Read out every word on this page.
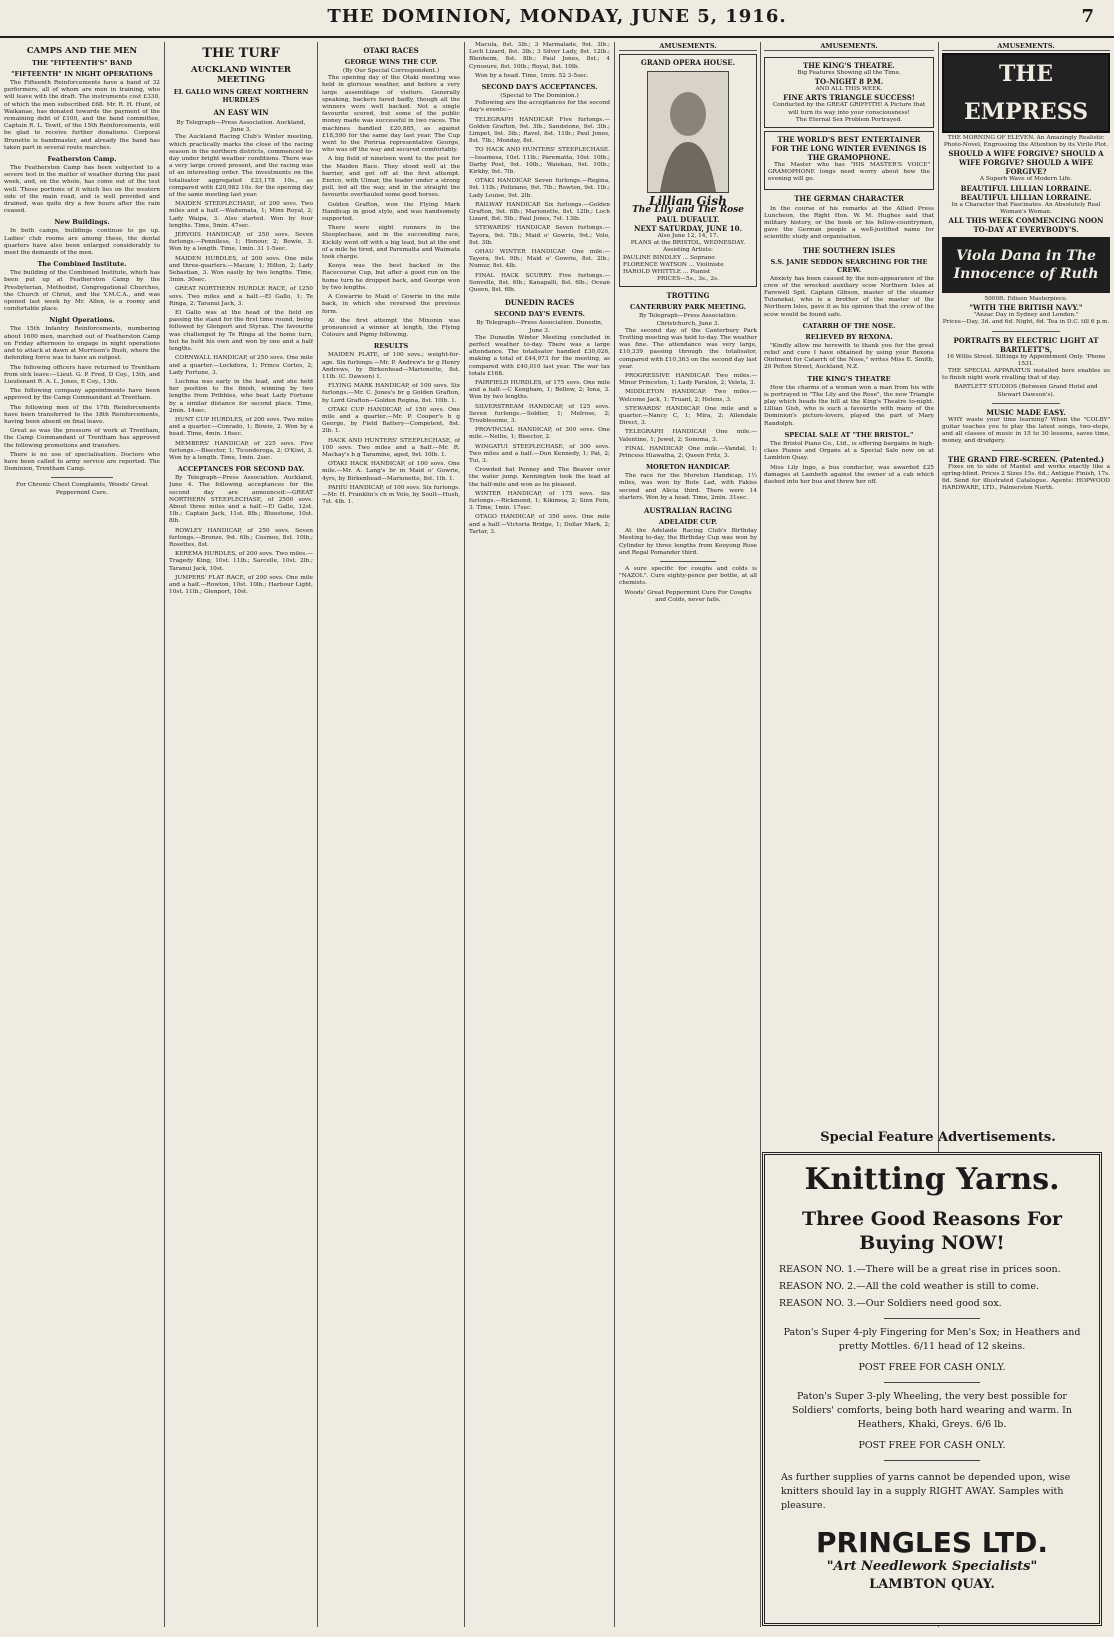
THE DOMINION, MONDAY, JUNE 5, 1916.	7
CAMPS AND THE MEN
THE "FIFTEENTH'S" BAND
"FIFTEENTH" IN NIGHT OPERATIONS

The Fifteenth Reinforcements have a band of 32 performers, all of whom are men in training, who will leave with the draft. The instruments cost £330, of which the men subscribed £68. Mr. R. H. Hunt, of Waikanae, has donated towards the payment of the remaining debt of £100, and the band committee, Captain R. L. Tewit, of the 15th Reinforcements, will be glad to receive further donations. Corporal Brunette is bandmaster, and already the band has taken part in several route marches.

Featherston Camp.

The Featherston Camp has been subjected to a severe test in the matter of weather during the past week, and, on the whole, has come out of the test well. Those portions of it which lies on the western side of the main road, and is well provided and drained, was quite dry a few hours after the rain ceased.

New Buildings.

In both camps, buildings continue to go up. Ladies' club rooms are among these, the dental quarters have also been enlarged considerably to meet the demands of the men.

The Combined Institute.

The building of the Combined Institute, which has been put up at Featherston Camp by the Presbyterian, Methodist, Congregational Churches, the Church of Christ, and the Y.M.C.A., and was opened last week by Mr. Allen, is a roomy and comfortable place.

Night Operations.

The 15th Infantry Reinforcements, numbering about 1600 men, marched out of Featherston Camp on Friday afternoon to engage in night operations and to attack at dawn at Morrison's Bush, where the defending force was to have an outpost.

The following officers have returned to Trentham from sick leave:—Lieut. G. P. Fred, D Coy., 13th, and Lieutenant R. A. L. Jones, E Coy., 13th.

The following company appointments have been approved by the Camp Commandant at Trentham.

The following men of the 17th Reinforcements have been transferred to the 18th Reinforcements, having been absent on final leave.

Great as was the pressure of work at Trentham, the Camp Commandant of Trentham has approved the following promotions and transfers.

There is no use of specialisation. Doctors who have been called to army service are reported. The Dominion, Trentham Camp.

For Chronic Chest Complaints, Woods' Great Peppermint Cure.
THE TURF
AUCKLAND WINTER MEETING
EL GALLO WINS GREAT NORTHERN HURDLES
AN EASY WIN
By Telegraph—Press Association. Auckland, June 3.

The Auckland Racing Club's Winter meeting, which practically marks the close of the racing season in the northern districts, commenced to-day under bright weather conditions. There was a very large crowd present, and the racing was of an interesting order. The investments on the totalisator aggregated £23,178 10s., as compared with £20,982 10s. for the opening day of the same meeting last year.

MAIDEN STEEPLECHASE, of 200 sovs. Two miles and a half.—Waitemata, 1; Minx Royal, 2; Lady Waipa, 3. Also started. Won by four lengths. Time, 5min. 47sec.

JERVOIS HANDICAP, of 250 sovs. Seven furlongs.—Penniless, 1; Honour, 2; Bowie, 3. Won by a length. Time, 1min. 31 1-5sec.

MAIDEN HURDLES, of 200 sovs. One mile and three-quarters.—Macaw, 1; Hilton, 2; Lady Sebastian, 3. Won easily by two lengths. Time, 3min. 30sec.

GREAT NORTHERN HURDLE RACE, of 1250 sovs. Two miles and a half.—El Gallo, 1; Te Ringa, 2; Taranui Jack, 3.

El Gallo was at the head of the field on passing the stand for the first time round, being followed by Glenport and Styrax. The favourite was challenged by Te Ringa at the home turn, but he held his own and won by one and a half lengths.

CORNWALL HANDICAP, of 250 sovs. One mile and a quarter.—Lockdora, 1; Prince Cortes, 2; Lady Fortune, 3.

Lochma was early in the lead, and she held her position to the finish, winning by two lengths from Pribbles, who beat Lady Fortune by a similar distance for second place. Time, 2min. 14sec.

HUNT CUP HURDLES, of 200 sovs. Two miles and a quarter.—Conrado, 1; Bowie, 2. Won by a head. Time, 4min. 16sec.

MEMBERS' HANDICAP, of 225 sovs. Five furlongs.—Bisector, 1; Ticonderoga, 2; O'Kiwi, 3. Won by a length. Time, 1min. 2sec.

ACCEPTANCES FOR SECOND DAY.

By Telegraph—Press Association. Auckland, June 4. The following acceptances for the second day are announced:—GREAT NORTHERN STEEPLECHASE, of 2500 sovs. About three miles and a half.—El Gallo, 12st. 1lb.; Captain Jack, 11st. 8lb.; Bluestone, 10st. 8lb.

ROWLEY HANDICAP, of 250 sovs. Seven furlongs.—Bronze, 9st. 6lb.; Cosmos, 8st. 10lb.; Rosettes, 8st.

KEREMA HURDLES, of 200 sovs. Two miles.—Tragedy King, 10st. 11lb.; Sarcelle, 10st. 2lb.; Taranui Jack, 10st.

JUMPERS' FLAT RACE, of 200 sovs. One mile and a half.—Rowton, 10st. 10lb.; Harbour Light, 10st. 11lb.; Glenport, 10st.

OTAKI RACES
GEORGE WINS THE CUP.
(By Our Special Correspondent.)

The opening day of the Otaki meeting was held in glorious weather, and before a very large assemblage of visitors. Generally speaking, backers fared badly, though all the winners were well backed. Not a single favourite scored, but some of the public money made was successful in two races. The machines handled £20,885, as against £18,590 for the same day last year. The Cup went to the Porirua representative George, who was off the way and secured comfortably.

A big field of nineteen went to the post for the Maiden Race. They stood well at the barrier, and got off at the first attempt. Enrico, with Ulmar, the leader under a strong pull, led all the way, and in the straight the favourite overhauled some good horses.

Golden Grafton, won the Flying Mark Handicap in good style, and was handsomely supported.

There were eight runners in the Steeplechase, and in the succeeding race, Kickily went off with a big lead, but at the end of a mile he tired, and Parematta and Waimata took charge.

Kooya was the best backed in the Racecourse Cup, but after a good run on the home turn he dropped back, and George won by two lengths.

A Cowarrie to Maid o' Gowrie in the mile back, in which she reversed the previous form.

At the first attempt the Mixonin was pronounced a winner at length, the Flying Colours and Pigmy following.

RESULTS

MAIDEN PLATE, of 100 sovs.; weight-for-age. Six furlongs.—Mr. P. Andrew's br g Henry Andrews, by Birkenhead—Marionette, 8st. 11lb. (C. Dawson) 1.

FLYING MARK HANDICAP, of 100 sovs. Six furlongs.—Mr. C. Jones's br g Golden Grafton, by Lord Grafton—Golden Regina, 8st. 10lb. 1.

OTAKI CUP HANDICAP, of 150 sovs. One mile and a quarter.—Mr. P. Cooper's b g George, by Field Battery—Competent, 8st. 2lb. 1.

HACK AND HUNTERS' STEEPLECHASE, of 100 sovs. Two miles and a half.—Mr. R. Mackay's b g Taramine, aged, 9st. 10lb. 1.

OTAKI HACK HANDICAP, of 100 sovs. One mile.—Mr. A. Lang's br m Maid o' Gowrie, 4yrs, by Birkenhead—Marionette, 8st. 1lb. 1.

PAHIU HANDICAP, of 100 sovs. Six furlongs.—Mr. H. Franklin's ch m Volo, by Soult—Hush, 7st. 4lb. 1.

Macula, 8st. 3lb.; 3 Marmalade, 9st. 3lb.; Loch Lizard, 8st. 3lb.; 3 Silver Lady, 8st. 12lb.; Blenheim, 8st. 8lb.; Paul Jones, 8st.; 4 Cynosure, 8st. 10lb.; Royal, 8st. 10lb.

Won by a head. Time, 1min. 52 3-5sec.

SECOND DAY'S ACCEPTANCES.
(Special to The Dominion.)

Following are the acceptances for the second day's events:—

TELEGRAPH HANDICAP. Five furlongs.—Golden Grafton, 9st. 3lb.; Sandstone, 9st. 3lb.; Limpet, 9st. 3lb.; Ravel, 8st. 11lb.; Paul Jones, 8st. 7lb.; Monday, 8st.

TO HACK AND HUNTERS' STEEPLECHASE.—Issamesa, 10st. 11lb.; Parematta, 10st. 10lb.; Darby Post, 9st. 10lb.; Waiekau, 9st. 10lb.; Kirkby, 9st. 7lb.

OTAKI HANDICAP. Seven furlongs.—Regina, 9st. 11lb.; Poliziano, 9st. 7lb.; Rowton, 9st. 1lb.; Lady Louise, 9st. 2lb.

RAILWAY HANDICAP. Six furlongs.—Golden Grafton, 9st. 6lb.; Marionette, 8st. 12lb.; Loch Lizard, 8st. 5lb.; Paul Jones, 7st. 13lb.

STEWARDS' HANDICAP. Seven furlongs.—Tayora, 9st. 7lb.; Maid o' Gowrie, 9st.; Volo, 8st. 3lb.

OHAU WINTER HANDICAP. One mile.—Tayora, 9st. 9lb.; Maid o' Gowrie, 8st. 2lb.; Numur, 8st. 4lb.

FINAL HACK SCURRY. Five furlongs.—Sonvelle, 8st. 6lb.; Kanapalli, 8st. 6lb.; Ocean Queen, 8st. 6lb.

DUNEDIN RACES
SECOND DAY'S EVENTS.
By Telegraph—Press Association. Dunedin, June 3.

The Dunedin Winter Meeting concluded in perfect weather to-day. There was a large attendance. The totalisator handled £30,026, making a total of £44,973 for the meeting, as compared with £40,010 last year. The war tax totals £168.

FAIRFIELD HURDLES, of 175 sovs. One mile and a half.—C Kengham, 1; Bellow, 2; Iona, 3. Won by two lengths.

SILVERSTREAM HANDICAP, of 125 sovs. Seven furlongs.—Soldier, 1; Melrose, 2; Troublesome, 3.

PROVINCIAL HANDICAP, of 300 sovs. One mile.—Nellie, 1; Bisector, 2.

WINGATUI STEEPLECHASE, of 300 sovs. Two miles and a half.—Dun Kennedy, 1; Pat, 2; Tui, 3.

Crowded hat Penney and The Beaver over the water jump. Kennington took the lead at the half-mile and won as he pleased.

WINTER HANDICAP, of 175 sovs. Six furlongs.—Rickmond, 1; Kikimoa, 2; Sinn Fein, 3. Time, 1min. 17sec.

OTAGO HANDICAP, of 350 sovs. One mile and a half.—Victoria Bridge, 1; Dollar Mark, 2; Tartar, 3.

AMUSEMENTS.
GRAND OPERA HOUSE.
Lillian Gish
The Lily and The Rose
PAUL DUFAULT.
NEXT SATURDAY, JUNE 10.
Also June 12, 14, 17.
PLANS at the BRISTOL, WEDNESDAY.
Assisting Artists:
PAULINE BINDLEY ... Soprano
FLORENCE WATSON ... Violiniste
HAROLD WHITTLE ... Pianist
PRICES—5s., 3s., 2s.
TROTTING
CANTERBURY PARK MEETING.
By Telegraph—Press Association. Christchurch, June 3.

The second day of the Canterbury Park Trotting meeting was held to-day. The weather was fine. The attendance was very large, £10,339 passing through the totalisator, compared with £10,363 on the second day last year.

PROGRESSIVE HANDICAP. Two miles.—Minor Princeton, 1; Lady Paralon, 2; Veleta, 3.

MIDDLETON HANDICAP. Two miles.—Welcome Jack, 1; Truant, 2; Helens, 3.

STEWARDS' HANDICAP. One mile and a quarter.—Nancy C, 1; Mira, 2; Allendale Direct, 3.

TELEGRAPH HANDICAP. One mile.—Valentine, 1; Jewel, 2; Sonoma, 3.

FINAL HANDICAP. One mile.—Vandal, 1; Princess Hiawatha, 2; Queen Fritz, 3.

MORETON HANDICAP.

The race for the Moreton Handicap, 1½ miles, was won by Bute Lad, with Fakiss second and Alicia third. There were 14 starters. Won by a head. Time, 2min. 31sec.

AUSTRALIAN RACING
ADELAIDE CUP.

At the Adelaide Racing Club's Birthday Meeting to-day, the Birthday Cup was won by Cylinder by three lengths from Kooyong Rose and Regal Pomander third.

A sure specific for coughs and colds is "NAZOL". Cure eighty-pence per bottle, at all chemists.

Woods' Great Peppermint Cure For Coughs and Colds, never fails.
AMUSEMENTS.
THE KING'S THEATRE.
Big Features Showing all the Time.
TO-NIGHT 8 P.M.
AND ALL THIS WEEK.
FINE ARTS TRIANGLE SUCCESS!
Conducted by the GREAT GRIFFITH! A Picture that will turn its way into your consciousness!
The Eternal Sex Problem Portrayed.
THE WORLD'S BEST ENTERTAINER FOR THE LONG WINTER EVENINGS IS THE GRAMOPHONE.

The Master who has "HIS MASTER'S VOICE" GRAMOPHONE longs need worry about how the evening will go.

THE GERMAN CHARACTER

In the course of his remarks at the Allied Press Luncheon, the Right Hon. W. M. Hughes said that military history, or the book or his fellow-countrymen, gave the German people a well-justified name for scientific study and organisation.

THE SOUTHERN ISLES
S.S. JANIE SEDDON SEARCHING FOR THE CREW.

Anxiety has been caused by the non-appearance of the crew of the wrecked auxiliary scow Northern Isles at Farewell Spit. Captain Gibson, master of the steamer Tutanekai, who is a brother of the master of the Northern Isles, gave it as his opinion that the crew of the scow would be found safe.

CATARRH OF THE NOSE.
RELIEVED BY REXONA.

"Kindly allow me herewith to thank you for the great relief and cure I have obtained by using your Rexona Ointment for Catarrh of the Nose," writes Miss E. Smith, 20 Pelton Street, Auckland, N.Z.

THE KING'S THEATRE

How the charms of a woman won a man from his wife is portrayed in "The Lily and the Rose", the new Triangle play which heads the bill at the King's Theatre to-night. Lillian Gish, who is such a favourite with many of the Dominion's picture-lovers, played the part of Mary Randolph.

SPECIAL SALE AT "THE BRISTOL."

The Bristol Piano Co., Ltd., is offering bargains in high-class Pianos and Organs at a Special Sale now on at Lambton Quay.

Miss Lily Ingo, a bus conductor, was awarded £25 damages at Lambeth against the owner of a cab which dashed into her bus and threw her off.

AMUSEMENTS.
THE EMPRESS
THE MORNING OF ELEVEN. An Amazingly Realistic Photo-Novel, Engrossing the Attention by its Virile Plot.
SHOULD A WIFE FORGIVE? SHOULD A WIFE FORGIVE? SHOULD A WIFE FORGIVE?
A Superb Wave of Modern Life.
BEAUTIFUL LILLIAN LORRAINE. BEAUTIFUL LILLIAN LORRAINE.
In a Character that Fascinates. An Absolutely Real Woman's Woman.
ALL THIS WEEK COMMENCING NOON TO-DAY AT EVERYBODY'S.
Viola Dana in The Innocence of Ruth
5000ft. Edison Masterpiece.
"WITH THE BRITISH NAVY."
"Anzac Day in Sydney and London."
Prices—Day, 3d. and 6d. Night, 6d. Tea in D.C. till 6 p.m.
PORTRAITS BY ELECTRIC LIGHT AT BARTLETT'S,
16 Willis Street. Sittings by Appointment Only. 'Phone 1531.

THE SPECIAL APPARATUS installed here enables us to finish night work rivalling that of day.

BARTLETT STUDIOS (Between Grand Hotel and Stewart Dawson's).
MUSIC MADE EASY.

WHY waste your time learning? When the "COLBY" guitar teaches you to play the latest songs, two-steps, and all classes of music in 15 to 30 lessons, saves time, money, and drudgery.

THE GRAND FIRE-SCREEN. (Patented.)

Fixes on to side of Mantel and works exactly like a spring-blind. Prices 2 Sizes 15s. 6d.; Antique Finish, 17s. 6d. Send for illustrated Catalogue. Agents: HOPWOOD HARDWARE, LTD., Palmerston North.

Special Feature Advertisements.
Knitting Yarns.
Three Good Reasons For Buying NOW!
REASON NO. 1.—There will be a great rise in prices soon.
REASON NO. 2.—All the cold weather is still to come.
REASON NO. 3.—Our Soldiers need good sox.
Paton's Super 4-ply Fingering for Men's Sox; in Heathers and pretty Mottles. 6/11 head of 12 skeins.
POST FREE FOR CASH ONLY.
Paton's Super 3-ply Wheeling, the very best possible for Soldiers' comforts, being both hard wearing and warm. In Heathers, Khaki, Greys. 6/6 lb.
POST FREE FOR CASH ONLY.
As further supplies of yarns cannot be depended upon, wise knitters should lay in a supply RIGHT AWAY. Samples with pleasure.
PRINGLES LTD.
"Art Needlework Specialists"
LAMBTON QUAY.
